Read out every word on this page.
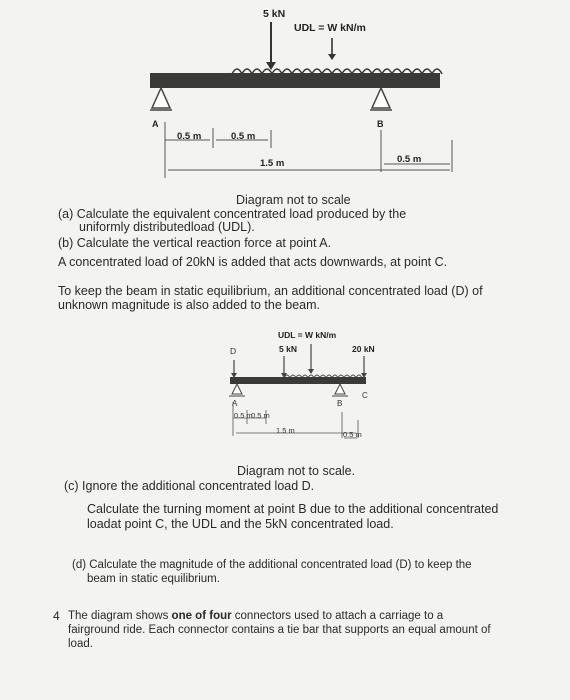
5 kN
UDL = W kN/m
A	B
0.5 m	0.5 m
1.5 m	0.5 m
Diagram not to scale
(a) Calculate the equivalent concentrated load produced by the
uniformly distributedload (UDL).
(b) Calculate the vertical reaction force at point A.
A concentrated load of 20kN is added that acts downwards, at point C.
To keep the beam in static equilibrium, an additional concentrated load (D) of
unknown magnitude is also added to the beam.
UDL = W kN/m
5 kN	20 kN
D
A	B
C
0.5 m
0.5 m
1.5 m	0.5 m
Diagram not to scale.
(c) Ignore the additional concentrated load D.
Calculate the turning moment at point B due to the additional concentrated
loadat point C, the UDL and the 5kN concentrated load.
(d) Calculate the magnitude of the additional concentrated load (D) to keep the
beam in static equilibrium.
4 The diagram shows one of four connectors used to attach a carriage to a
fairground ride. Each connector contains a tie bar that supports an equal amount of
load.
